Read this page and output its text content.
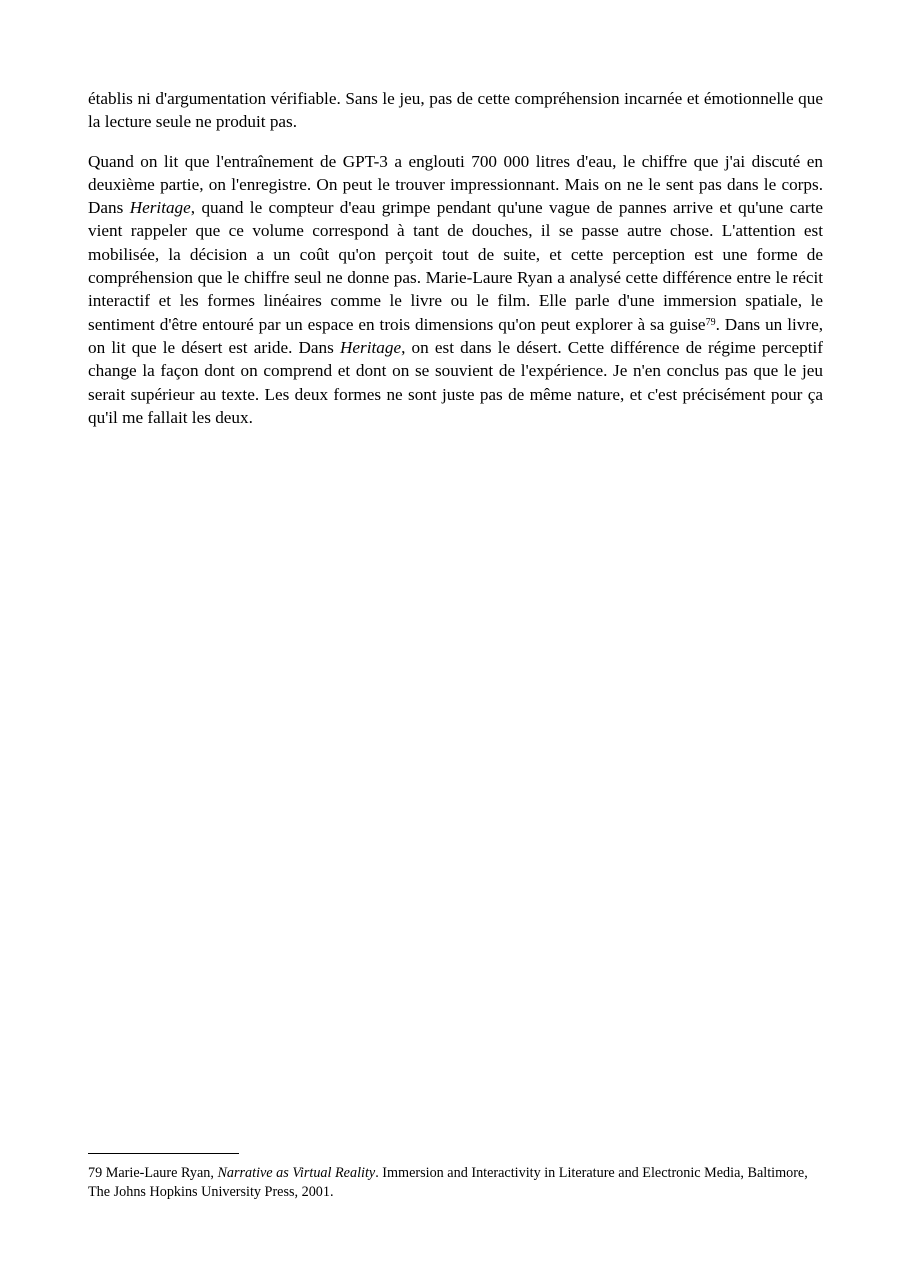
établis ni d'argumentation vérifiable. Sans le jeu, pas de cette compréhension incarnée et émotionnelle que la lecture seule ne produit pas.

Quand on lit que l'entraînement de GPT-3 a englouti 700 000 litres d'eau, le chiffre que j'ai discuté en deuxième partie, on l'enregistre. On peut le trouver impressionnant. Mais on ne le sent pas dans le corps. Dans Heritage, quand le compteur d'eau grimpe pendant qu'une vague de pannes arrive et qu'une carte vient rappeler que ce volume correspond à tant de douches, il se passe autre chose. L'attention est mobilisée, la décision a un coût qu'on perçoit tout de suite, et cette perception est une forme de compréhension que le chiffre seul ne donne pas. Marie-Laure Ryan a analysé cette différence entre le récit interactif et les formes linéaires comme le livre ou le film. Elle parle d'une immersion spatiale, le sentiment d'être entouré par un espace en trois dimensions qu'on peut explorer à sa guise$^{79}$. Dans un livre, on lit que le désert est aride. Dans Heritage, on est dans le désert. Cette différence de régime perceptif change la façon dont on comprend et dont on se souvient de l'expérience. Je n'en conclus pas que le jeu serait supérieur au texte. Les deux formes ne sont juste pas de même nature, et c'est précisément pour ça qu'il me fallait les deux.

79 Marie-Laure Ryan, Narrative as Virtual Reality. Immersion and Interactivity in Literature and Electronic Media, Baltimore, The Johns Hopkins University Press, 2001.
